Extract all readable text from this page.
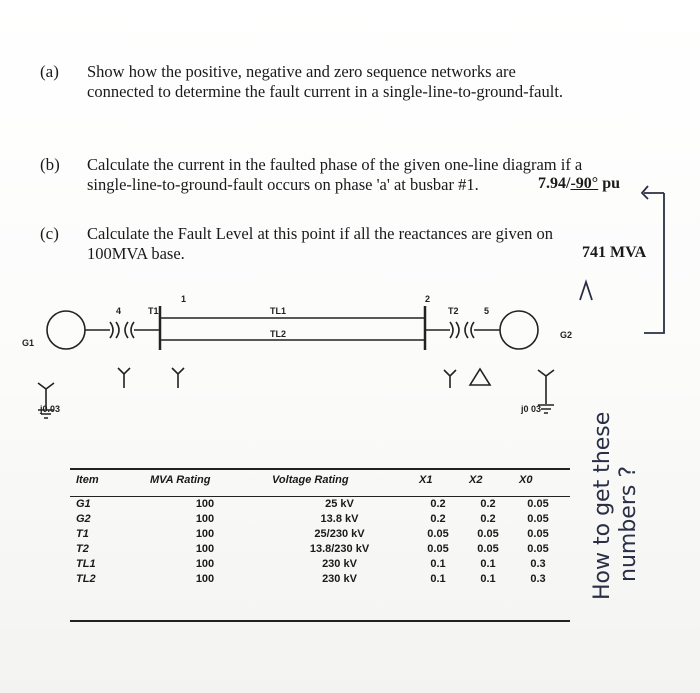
(a) Show how the positive, negative and zero sequence networks are
connected to determine the fault current in a single-line-to-ground-fault.
(b) Calculate the current in the faulted phase of the given one-line diagram if a
single-line-to-ground-fault occurs on phase 'a' at busbar #1.	7.94/-90° pu
(c) Calculate the Fault Level at this point if all the reactances are given on
100MVA base.	741 MVA
G1
G2
T1	T2
TL1
TL2
1	2
4	5
j0.03	j0 03
Item	MVA Rating	Voltage Rating	X1	X2	X0
G1	100	25 kV	0.2	0.2	0.05
G2	100	13.8 kV	0.2	0.2	0.05
T1	100	25/230 kV	0.05	0.05	0.05
T2	100	13.8/230 kV	0.05	0.05	0.05
TL1	100	230 kV	0.1	0.1	0.3
TL2	100	230 kV	0.1	0.1	0.3 How to get these numbers ?
